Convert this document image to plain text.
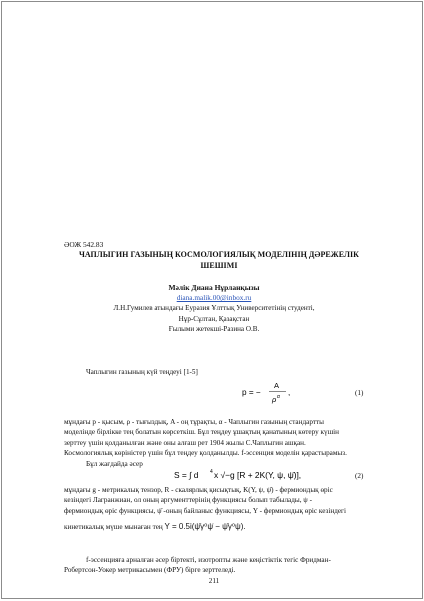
ӘОЖ 542.83
ЧАПЛЫГИН ГАЗЫНЫҢ КОСМОЛОГИЯЛЫҚ МОДЕЛІНІҢ ДӘРЕЖЕЛІК ШЕШІМІ
Мәлік Диана Нұрланқызы
diana.malik.00@inbox.ru
Л.Н.Гумилев атындағы Еуразия Ұлттық Университетінің студенті,
Нұр-Сұлтан, Қазақстан
Ғылыми жетекші-Разина О.В.
Чаплыгин газының күй теңдеуі [1-5]
p = −
A
ρ α ,	(1)
мұндағы p - қысым, ρ - тығыздық, A - оң тұрақты, α - Чаплыгин газының стандартты
моделінде бірлікке тең болатын көрсеткіш. Бұл теңдеу ұшақтың қанатының көтеру күшін
зерттеу үшін қолданылған және оны алғаш рет 1904 жылы С.Чаплыгин ашқан.
Космологиялық көріністер үшін бұл теңдеу қолданылды. f-эссенция моделін қарастырамыз.
Бұл жағдайда әсер
S = ∫ d 4 x √−g [R + 2K(Y, ψ, ψ̄)],	(2)
мұндағы g - метрикалық тензор, R - скалярлық қисықтық, K(Y, ψ, ψ̄) - фермиондық өріс
кезіндегі Лагранжиан, ол оның аргументтерінің функциясы болып табылады, ψ -
фермиондық өріс функциясы, ψ̄ -оның байланыс функциясы, Y - фермиондық өріс кезіндегі
кинетикалық мүше мынаған тең Y = 0.5i(ψ̄γ⁰ψ̇ − ψ̄̇γ⁰ψ).
f-эссенцияға арналған әсер біртекті, изотропты және кеңістіктік тегіс Фридман-
Робертсон-Уокер метрикасымен (ФРУ) бірге зерттеледі.
211
